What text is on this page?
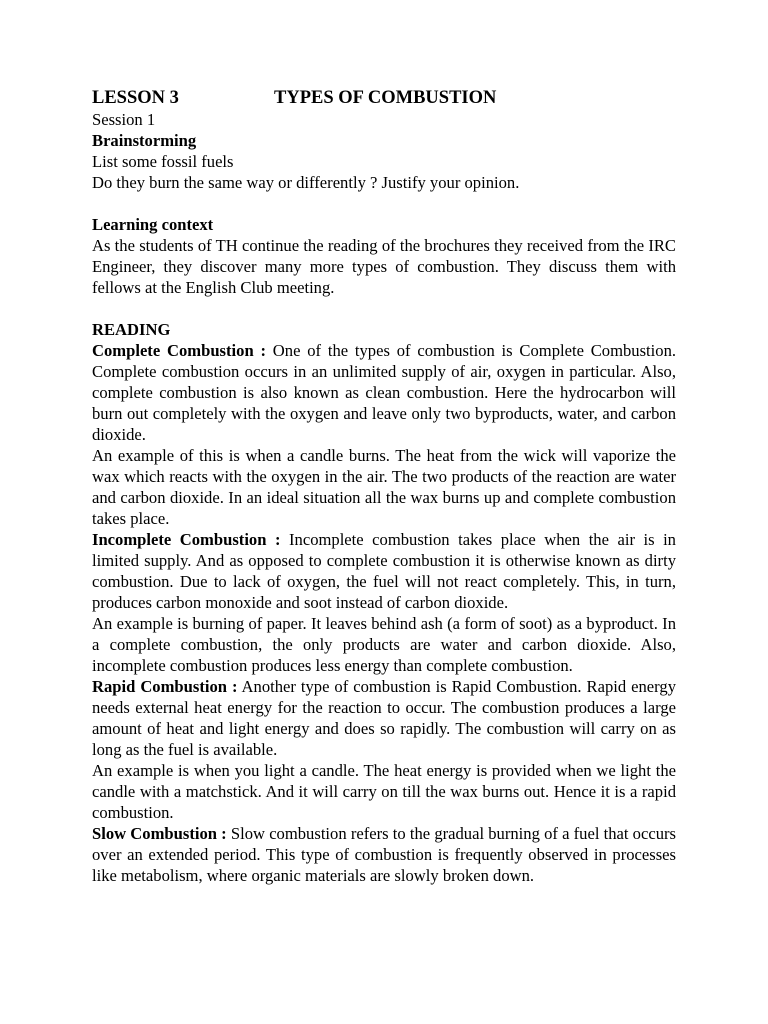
LESSON 3	TYPES OF COMBUSTION
Session 1
Brainstorming
List some fossil fuels
Do they burn the same way or differently ? Justify your opinion.
Learning context

As the students of TH continue the reading of the brochures they received from the IRC Engineer, they discover many more types of combustion. They discuss them with fellows at the English Club meeting.

READING

Complete Combustion : One of the types of combustion is Complete Combustion. Complete combustion occurs in an unlimited supply of air, oxygen in particular. Also, complete combustion is also known as clean combustion. Here the hydrocarbon will burn out completely with the oxygen and leave only two byproducts, water, and carbon dioxide.

An example of this is when a candle burns. The heat from the wick will vaporize the wax which reacts with the oxygen in the air. The two products of the reaction are water and carbon dioxide. In an ideal situation all the wax burns up and complete combustion takes place.

Incomplete Combustion : Incomplete combustion takes place when the air is in limited supply. And as opposed to complete combustion it is otherwise known as dirty combustion. Due to lack of oxygen, the fuel will not react completely. This, in turn, produces carbon monoxide and soot instead of carbon dioxide.

An example is burning of paper. It leaves behind ash (a form of soot) as a byproduct. In a complete combustion, the only products are water and carbon dioxide. Also, incomplete combustion produces less energy than complete combustion.

Rapid Combustion : Another type of combustion is Rapid Combustion. Rapid energy needs external heat energy for the reaction to occur. The combustion produces a large amount of heat and light energy and does so rapidly. The combustion will carry on as long as the fuel is available.

An example is when you light a candle. The heat energy is provided when we light the candle with a matchstick. And it will carry on till the wax burns out. Hence it is a rapid combustion.

Slow Combustion : Slow combustion refers to the gradual burning of a fuel that occurs over an extended period. This type of combustion is frequently observed in processes like metabolism, where organic materials are slowly broken down.
